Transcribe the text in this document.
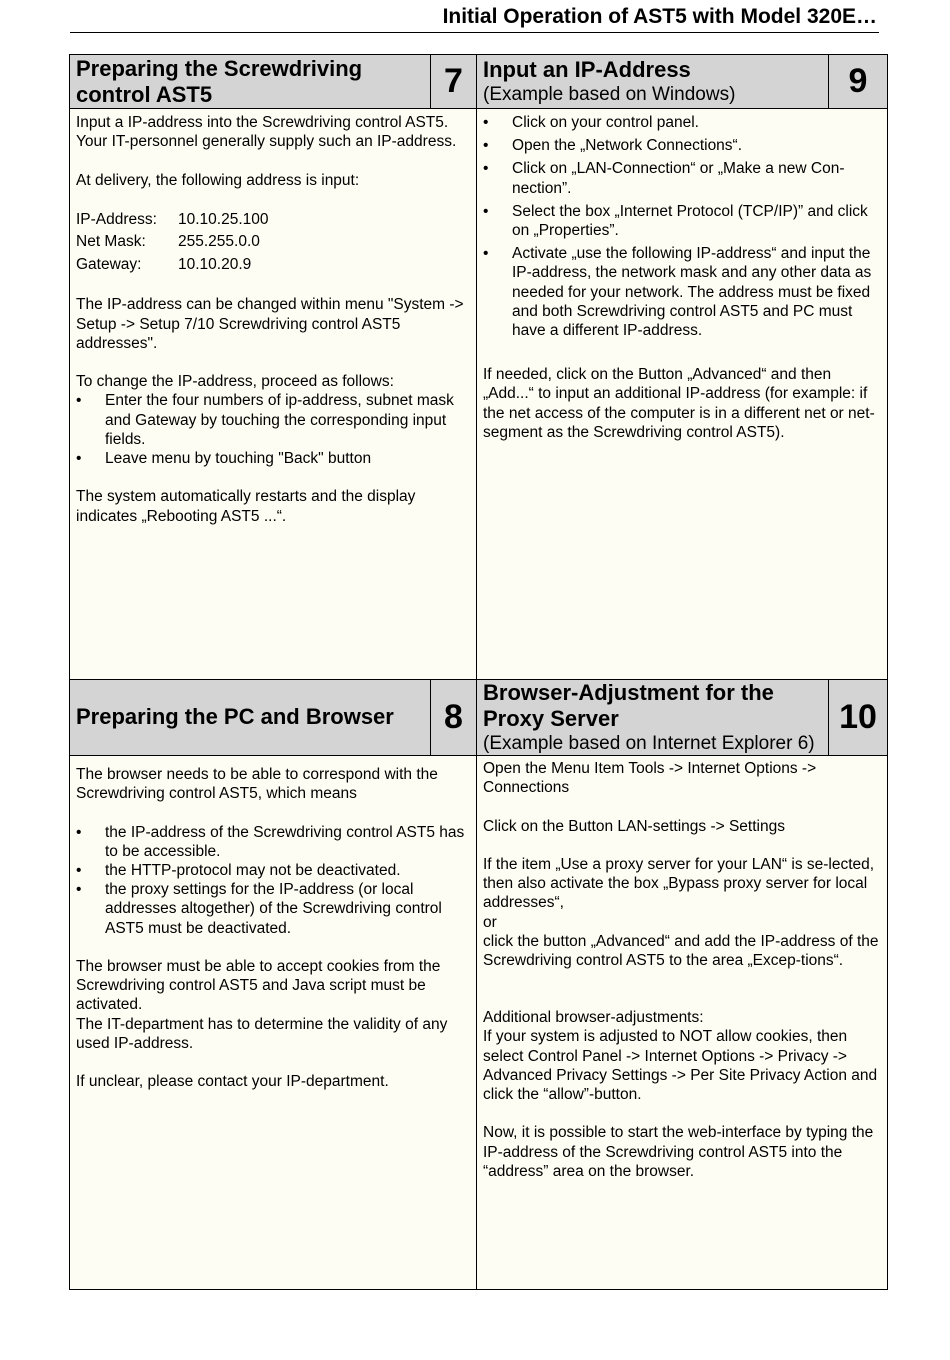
Initial Operation of AST5 with Model 320E…
Preparing the Screwdriving
control AST5	7 Input an IP-Address
(Example based on Windows)	9

Input a IP-address into the Screwdriving control AST5. Your IT-personnel generally supply such an IP-address.

At delivery, the following address is input:

IP-Address:	10.10.25.100
Net Mask:	255.255.0.0
Gateway:	10.10.20.9

The IP-address can be changed within menu "System -> Setup -> Setup 7/10 Screwdriving control AST5 addresses".

To change the IP-address, proceed as follows:

• Enter the four numbers of ip-address, subnet mask and Gateway by touching the corresponding input fields.
• Leave menu by touching "Back" button

The system automatically restarts and the display indicates „Rebooting AST5 ...“.

• Click on your control panel.
• Open the „Network Connections“.
• Click on „LAN-Connection“ or „Make a new Con-nection”.
• Select the box „Internet Protocol (TCP/IP)” and click on „Properties”.
• Activate „use the following IP-address“ and input the IP-address, the network mask and any other data as needed for your network. The address must be fixed and both Screwdriving control AST5 and PC must have a different IP-address.

If needed, click on the Button „Advanced“ and then „Add...“ to input an additional IP-address (for example: if the net access of the computer is in a different net or net-segment as the Screwdriving control AST5).

Preparing the PC and Browser	8
Browser-Adjustment for the
Proxy Server
(Example based on Internet Explorer 6)
10

The browser needs to be able to correspond with the Screwdriving control AST5, which means

• the IP-address of the Screwdriving control AST5 has to be accessible.
• the HTTP-protocol may not be deactivated.
• the proxy settings for the IP-address (or local addresses altogether) of the Screwdriving control AST5 must be deactivated.

The browser must be able to accept cookies from the Screwdriving control AST5 and Java script must be activated.

The IT-department has to determine the validity of any used IP-address.

If unclear, please contact your IP-department.

Open the Menu Item Tools -> Internet Options -> Connections

Click on the Button LAN-settings -> Settings

If the item „Use a proxy server for your LAN“ is se-lected, then also activate the box „Bypass proxy server for local addresses“,

or

click the button „Advanced“ and add the IP-address of the Screwdriving control AST5 to the area „Excep-tions“.

Additional browser-adjustments:

If your system is adjusted to NOT allow cookies, then select Control Panel -> Internet Options -> Privacy -> Advanced Privacy Settings -> Per Site Privacy Action and click the “allow”-button.

Now, it is possible to start the web-interface by typing the IP-address of the Screwdriving control AST5 into the “address” area on the browser.
